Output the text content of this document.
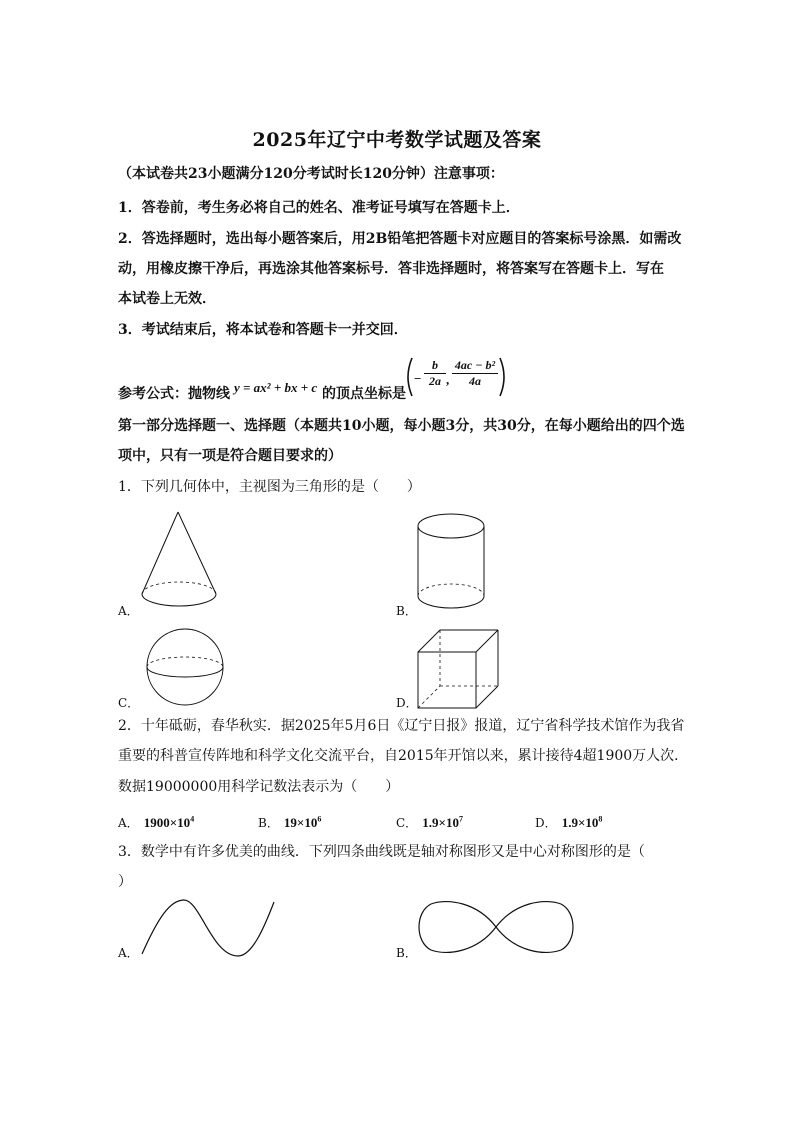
2025年辽宁中考数学试题及答案
（本试卷共23小题满分120分考试时长120分钟）注意事项：
1．答卷前，考生务必将自己的姓名、准考证号填写在答题卡上．
2．答选择题时，选出每小题答案后，用2B铅笔把答题卡对应题目的答案标号涂黑．如需改
动，用橡皮擦干净后，再选涂其他答案标号．答非选择题时，将答案写在答题卡上．写在
本试卷上无效．
3．考试结束后，将本试卷和答题卡一并交回．
参考公式：抛物线 y = ax² + bx + c 的顶点坐标是
− $\frac{b}{2a}$ , $\frac{\text{4ac − b²}}{4a}$
第一部分选择题一、选择题（本题共10小题，每小题3分，共30分，在每小题给出的四个选
项中，只有一项是符合题目要求的）
1．下列几何体中，主视图为三角形的是（　　）
A．	B．
C．	D．
2．十年砥砺，春华秋实．据2025年5月6日《辽宁日报》报道，辽宁省科学技术馆作为我省
重要的科普宣传阵地和科学文化交流平台，自2015年开馆以来，累计接待4超1900万人次．
数据19000000用科学记数法表示为（　　）
A． $1900\times 10^4$	B． $19\times 10^6$	C． $1.9\times 10^7$	D． $1.9\times 10^8$
3．数学中有许多优美的曲线．下列四条曲线既是轴对称图形又是中心对称图形的是（
）
A．	B．
